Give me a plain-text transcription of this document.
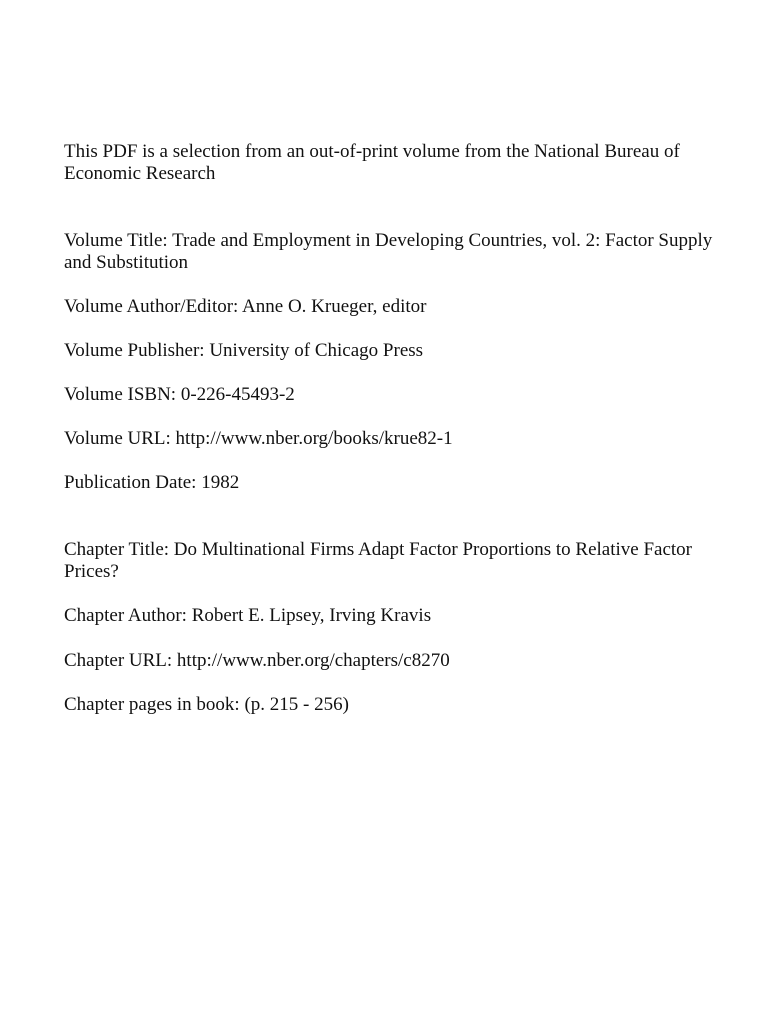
This PDF is a selection from an out-of-print volume from the National Bureau of Economic Research

Volume Title: Trade and Employment in Developing Countries, vol. 2: Factor Supply and Substitution

Volume Author/Editor: Anne O. Krueger, editor

Volume Publisher: University of Chicago Press

Volume ISBN: 0-226-45493-2

Volume URL: http://www.nber.org/books/krue82-1

Publication Date: 1982

Chapter Title: Do Multinational Firms Adapt Factor Proportions to Relative Factor Prices?

Chapter Author: Robert E. Lipsey, Irving Kravis

Chapter URL: http://www.nber.org/chapters/c8270

Chapter pages in book: (p. 215 - 256)
